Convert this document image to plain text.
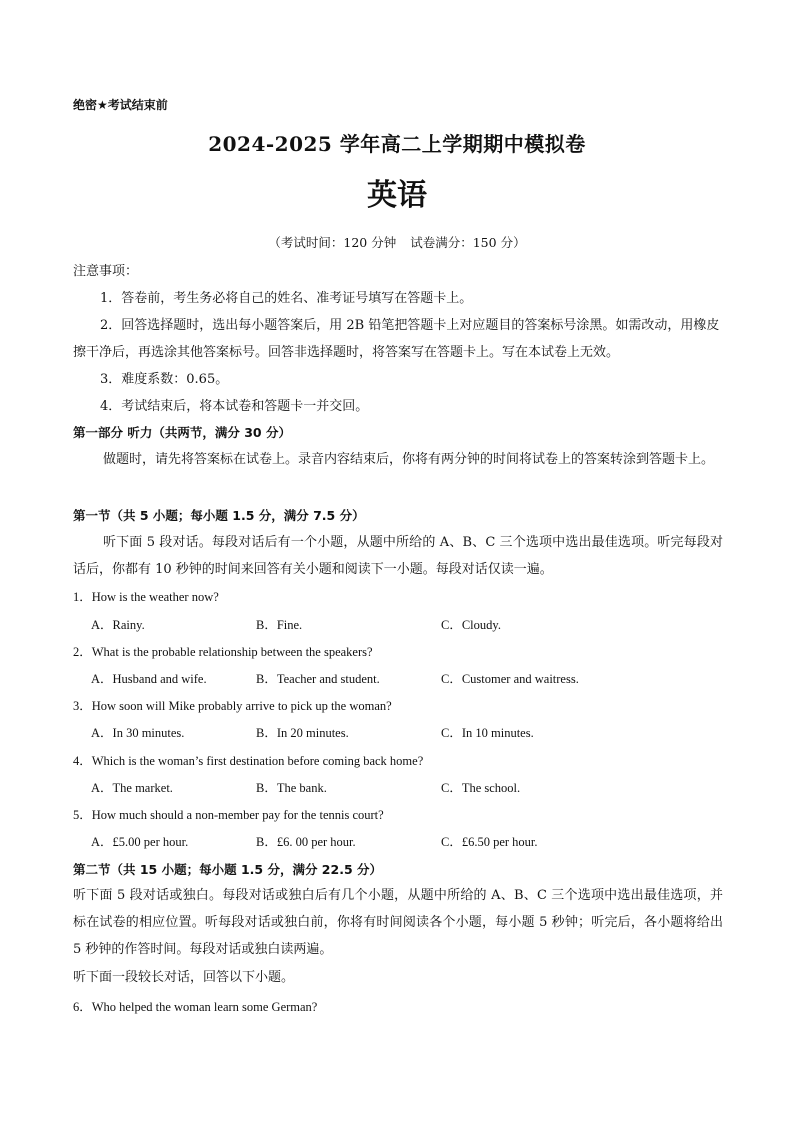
绝密★考试结束前
2024-2025 学年高二上学期期中模拟卷
英语
（考试时间：120 分钟 试卷满分：150 分）
注意事项：
1．答卷前，考生务必将自己的姓名、准考证号填写在答题卡上。
2．回答选择题时，选出每小题答案后，用 2B 铅笔把答题卡上对应题目的答案标号涂黑。如需改动，用橡皮擦干净后，再选涂其他答案标号。回答非选择题时，将答案写在答题卡上。写在本试卷上无效。
3．难度系数：0.65。
4．考试结束后，将本试卷和答题卡一并交回。
第一部分 听力（共两节，满分 30 分）
做题时，请先将答案标在试卷上。录音内容结束后，你将有两分钟的时间将试卷上的答案转涂到答题卡上。
第一节（共 5 小题；每小题 1.5 分，满分 7.5 分）
听下面 5 段对话。每段对话后有一个小题，从题中所给的 A、B、C 三个选项中选出最佳选项。听完每段对话后，你都有 10 秒钟的时间来回答有关小题和阅读下一小题。每段对话仅读一遍。
1．How is the weather now?
A．Rainy.	B．Fine.	C．Cloudy.
2．What is the probable relationship between the speakers?
A．Husband and wife.	B．Teacher and student.	C．Customer and waitress.
3．How soon will Mike probably arrive to pick up the woman?
A．In 30 minutes.	B．In 20 minutes.	C．In 10 minutes.
4．Which is the woman’s first destination before coming back home?
A．The market.	B．The bank.	C．The school.
5．How much should a non-member pay for the tennis court?
A．£5.00 per hour.	B．£6. 00 per hour.	C．£6.50 per hour.
第二节（共 15 小题；每小题 1.5 分，满分 22.5 分）
听下面 5 段对话或独白。每段对话或独白后有几个小题，从题中所给的 A、B、C 三个选项中选出最佳选项，并标在试卷的相应位置。听每段对话或独白前，你将有时间阅读各个小题，每小题 5 秒钟；听完后，各小题将给出 5 秒钟的作答时间。每段对话或独白读两遍。
听下面一段较长对话，回答以下小题。
6．Who helped the woman learn some German?
